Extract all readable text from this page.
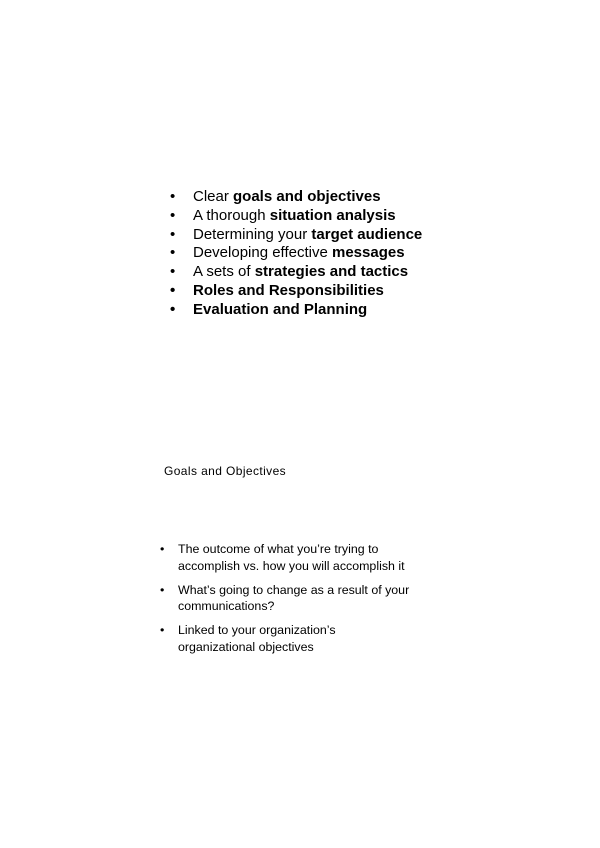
• Clear goals and objectives
• A thorough situation analysis
• Determining your target audience
• Developing effective messages
• A sets of strategies and tactics
• Roles and Responsibilities
• Evaluation and Planning
Goals and Objectives
• The outcome of what you’re trying to
accomplish vs. how you will accomplish it
• What’s going to change as a result of your
communications?
• Linked to your organization’s
organizational objectives
